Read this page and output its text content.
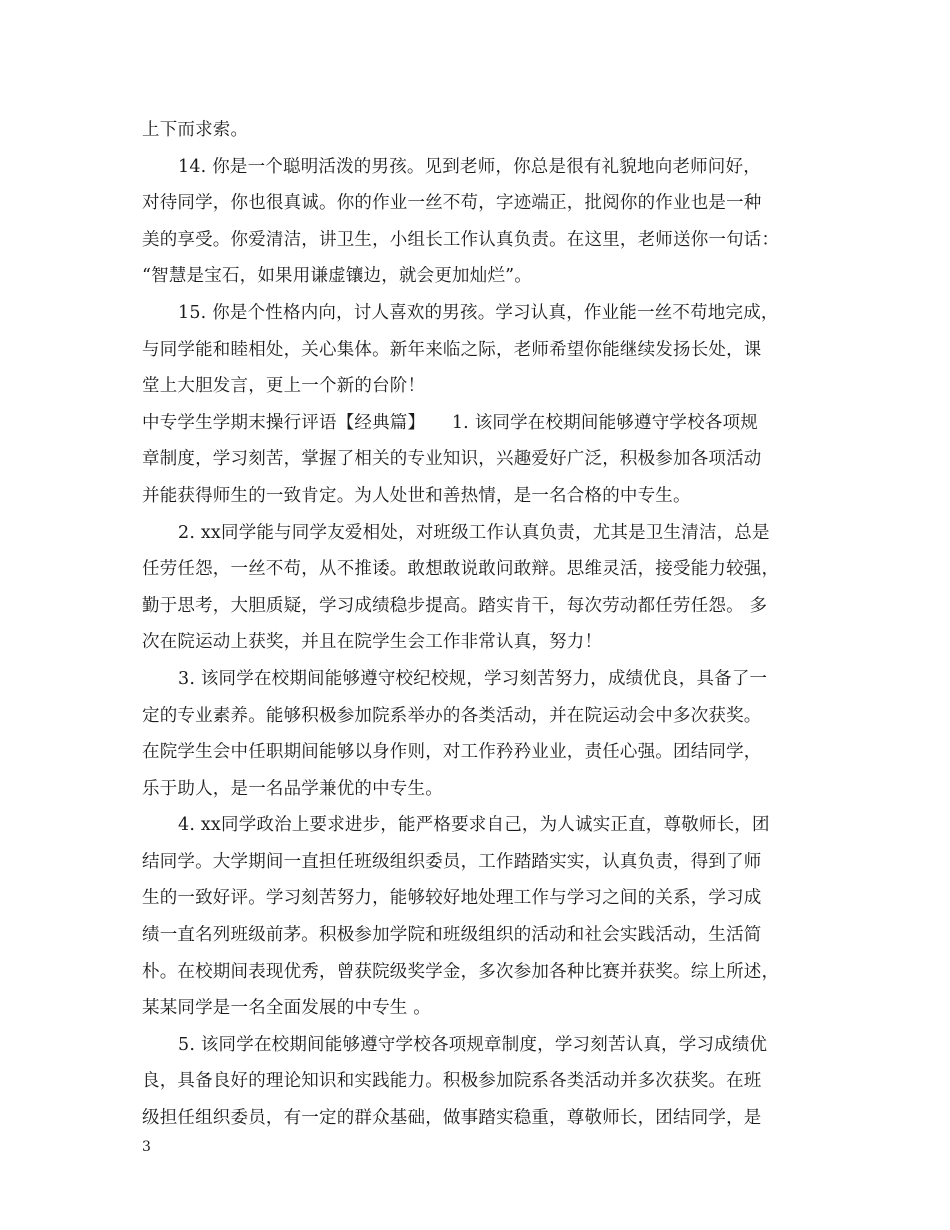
上下而求索。
14. 你是一个聪明活泼的男孩。见到老师，你总是很有礼貌地向老师问好，
对待同学，你也很真诚。你的作业一丝不苟，字迹端正，批阅你的作业也是一种
美的享受。你爱清洁，讲卫生，小组长工作认真负责。在这里，老师送你一句话：
“智慧是宝石，如果用谦虚镶边，就会更加灿烂”。
15. 你是个性格内向，讨人喜欢的男孩。学习认真，作业能一丝不苟地完成，
与同学能和睦相处，关心集体。新年来临之际，老师希望你能继续发扬长处，课
堂上大胆发言，更上一个新的台阶！
中专学生学期末操行评语【经典篇】　　1. 该同学在校期间能够遵守学校各项规
章制度，学习刻苦，掌握了相关的专业知识，兴趣爱好广泛，积极参加各项活动
并能获得师生的一致肯定。为人处世和善热情，是一名合格的中专生。
2. xx同学能与同学友爱相处，对班级工作认真负责，尤其是卫生清洁，总是
任劳任怨，一丝不苟，从不推诿。敢想敢说敢问敢辩。思维灵活，接受能力较强，
勤于思考，大胆质疑，学习成绩稳步提高。踏实肯干，每次劳动都任劳任怨。 多
次在院运动上获奖，并且在院学生会工作非常认真，努力！
3. 该同学在校期间能够遵守校纪校规，学习刻苦努力，成绩优良，具备了一
定的专业素养。能够积极参加院系举办的各类活动，并在院运动会中多次获奖。
在院学生会中任职期间能够以身作则，对工作矜矜业业，责任心强。团结同学，
乐于助人，是一名品学兼优的中专生。
4. xx同学政治上要求进步，能严格要求自己，为人诚实正直，尊敬师长，团
结同学。大学期间一直担任班级组织委员，工作踏踏实实，认真负责，得到了师
生的一致好评。学习刻苦努力，能够较好地处理工作与学习之间的关系，学习成
绩一直名列班级前茅。积极参加学院和班级组织的活动和社会实践活动，生活简
朴。在校期间表现优秀，曾获院级奖学金，多次参加各种比赛并获奖。综上所述，
某某同学是一名全面发展的中专生 。
5. 该同学在校期间能够遵守学校各项规章制度，学习刻苦认真，学习成绩优
良，具备良好的理论知识和实践能力。积极参加院系各类活动并多次获奖。在班
级担任组织委员，有一定的群众基础，做事踏实稳重，尊敬师长，团结同学，是
3
